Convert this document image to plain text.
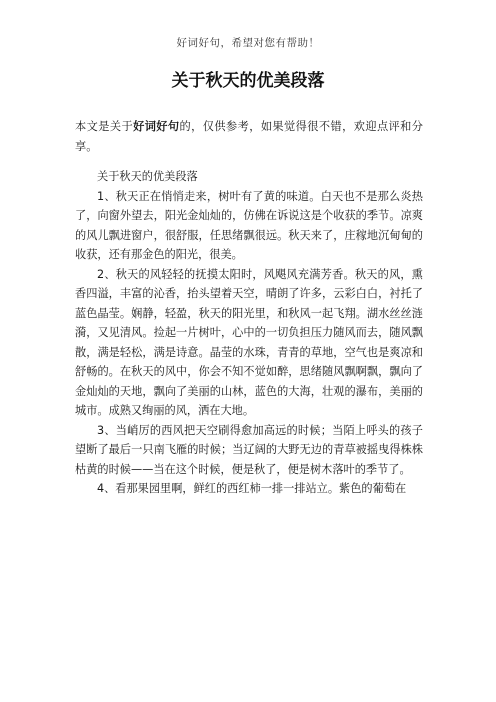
好词好句，希望对您有帮助！
关于秋天的优美段落

本文是关于好词好句的，仅供参考，如果觉得很不错，欢迎点评和分享。

关于秋天的优美段落

1、秋天正在悄悄走来，树叶有了黄的味道。白天也不是那么炎热了，向窗外望去，阳光金灿灿的，仿佛在诉说这是个收获的季节。凉爽的风儿飘进窗户，很舒服，任思绪飘很远。秋天来了，庄稼地沉甸甸的收获，还有那金色的阳光，很美。

2、秋天的风轻轻的抚摸太阳时，风飓风充满芳香。秋天的风，熏香四溢，丰富的沁香，抬头望着天空，晴朗了许多，云彩白白，衬托了蓝色晶莹。娴静，轻盈，秋天的阳光里，和秋风一起飞翔。湖水丝丝涟漪，又见清风。捡起一片树叶，心中的一切负担压力随风而去，随风飘散，满是轻松，满是诗意。晶莹的水珠，青青的草地，空气也是爽凉和舒畅的。在秋天的风中，你会不知不觉如醉，思绪随风飘啊飘，飘向了金灿灿的天地，飘向了美丽的山林，蓝色的大海，壮观的瀑布，美丽的城市。成熟又绚丽的风，洒在大地。

3、当峭厉的西风把天空刷得愈加高远的时候；当陌上呼头的孩子望断了最后一只南飞雁的时候；当辽阔的大野无边的青草被摇曳得株株枯黄的时候——当在这个时候，便是秋了，便是树木落叶的季节了。

4、看那果园里啊，鲜红的西红柿一排一排站立。紫色的葡萄在
